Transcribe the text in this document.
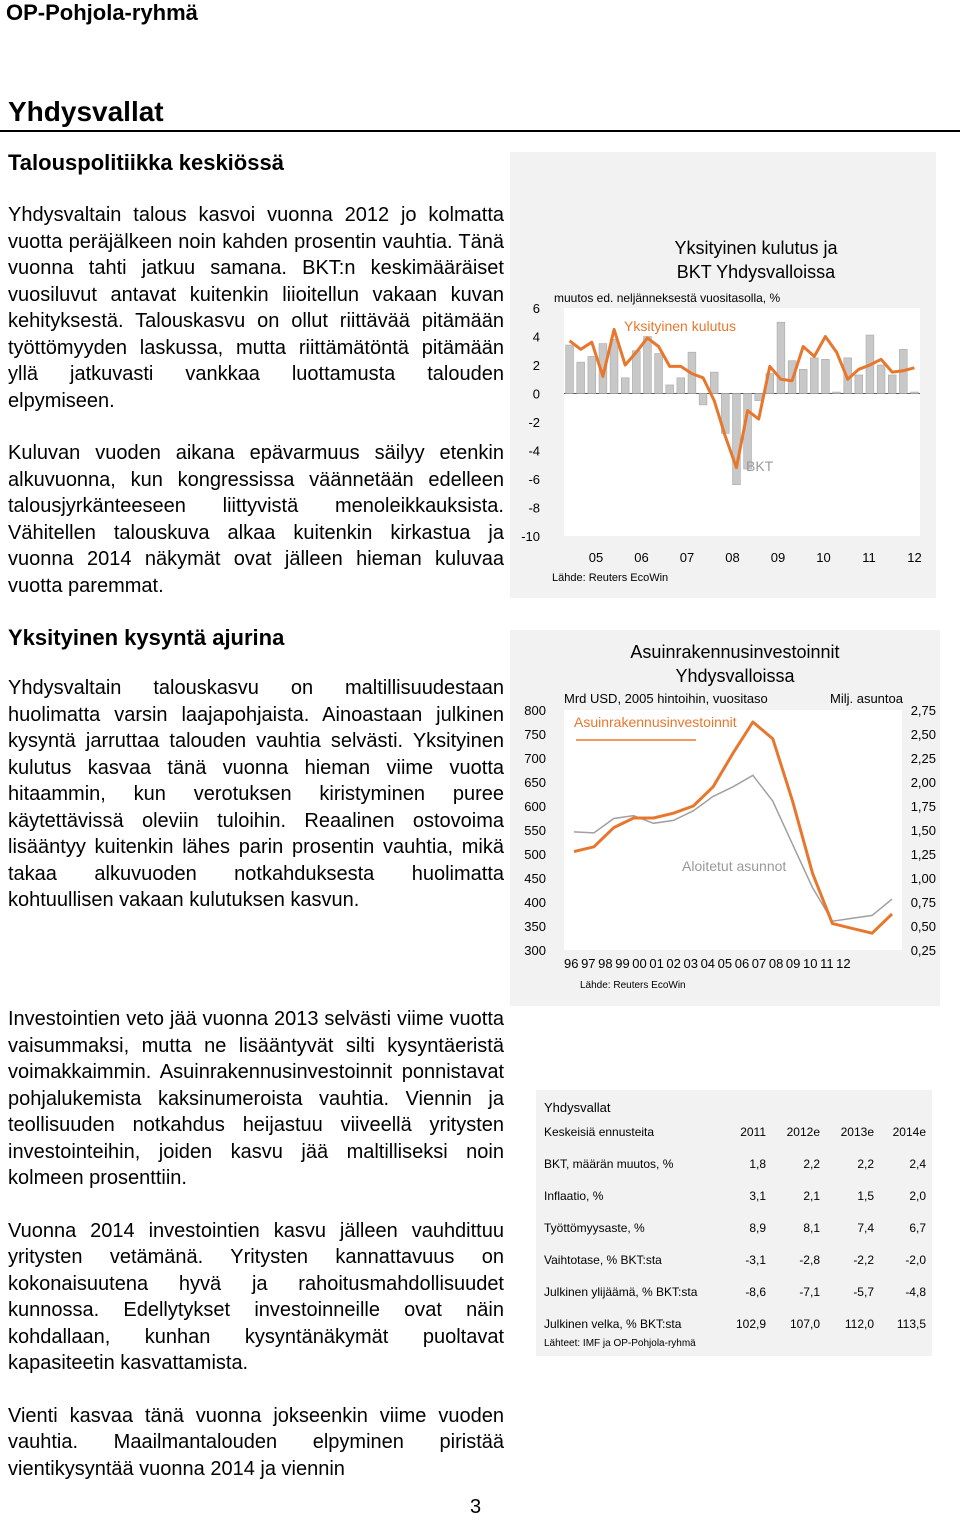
OP-Pohjola-ryhmä
Yhdysvallat
Talouspolitiikka keskiössä

Yhdysvaltain talous kasvoi vuonna 2012 jo kolmatta vuotta peräjälkeen noin kahden prosentin vauhtia. Tänä vuonna tahti jatkuu samana. BKT:n keskimääräiset vuosiluvut antavat kuitenkin liioitellun vakaan kuvan kehityksestä. Talouskasvu on ollut riittävää pitämään työttömyyden laskussa, mutta riittämätöntä pitämään yllä jatkuvasti vankkaa luottamusta talouden elpymiseen.

Kuluvan vuoden aikana epävarmuus säilyy etenkin alkuvuonna, kun kongressissa väännetään edelleen talousjyrkänteeseen liittyvistä menoleikkauksista. Vähitellen talouskuva alkaa kuitenkin kirkastua ja vuonna 2014 näkymät ovat jälleen hieman kuluvaa vuotta paremmat.

Yksityinen kysyntä ajurina

Yhdysvaltain talouskasvu on maltillisuudestaan huolimatta varsin laajapohjaista. Ainoastaan julkinen kysyntä jarruttaa talouden vauhtia selvästi. Yksityinen kulutus kasvaa tänä vuonna hieman viime vuotta hitaammin, kun verotuksen kiristyminen puree käytettävissä oleviin tuloihin. Reaalinen ostovoima lisääntyy kuitenkin lähes parin prosentin vauhtia, mikä takaa alkuvuoden notkahduksesta huolimatta kohtuullisen vakaan kulutuksen kasvun.

Investointien veto jää vuonna 2013 selvästi viime vuotta vaisummaksi, mutta ne lisääntyvät silti kysyntäeristä voimakkaimmin. Asuinrakennusinvestoinnit ponnistavat pohjalukemista kaksinumeroista vauhtia. Viennin ja teollisuuden notkahdus heijastuu viiveellä yritysten investointeihin, joiden kasvu jää maltilliseksi noin kolmeen prosenttiin.

Vuonna 2014 investointien kasvu jälleen vauhdittuu yritysten vetämänä. Yritysten kannattavuus on kokonaisuutena hyvä ja rahoitusmahdollisuudet kunnossa. Edellytykset investoinneille ovat näin kohdallaan, kunhan kysyntänäkymät puoltavat kapasiteetin kasvattamista.

Vienti kasvaa tänä vuonna jokseenkin viime vuoden vauhtia. Maailmantalouden elpyminen piristää vientikysyntää vuonna 2014 ja viennin

Yksityinen kulutus ja
BKT Yhdysvalloissa
muutos ed. neljänneksestä vuositasolla, %
6
4
2
0
-2
-4
-6
-8
-10
05 06 07 08 09 10 11 12
Yksityinen kulutus
BKT
Lähde: Reuters EcoWin
Asuinrakennusinvestoinnit
Yhdysvalloissa
Mrd USD, 2005 hintoihin, vuositaso	Milj. asuntoa
800
750
700
650
600
550
500
450
400
350
300
2,75
2,50
2,25
2,00
1,75
1,50
1,25
1,00
0,75
0,50
0,25
Asuinrakennusinvestoinnit
Aloitetut asunnot
96 97 98 99 00 01 02 03 04 05 06 07 08 09 10 11 12
Lähde: Reuters EcoWin
Yhdysvallat
Keskeisiä ennusteita	2011	2012e	2013e	2014e
BKT, määrän muutos, %	1,8	2,2	2,2	2,4
Inflaatio, %	3,1	2,1	1,5	2,0
Työttömyysaste, %	8,9	8,1	7,4	6,7
Vaihtotase, % BKT:sta	-3,1	-2,8	-2,2	-2,0
Julkinen ylijäämä, % BKT:sta	-8,6	-7,1	-5,7	-4,8
Julkinen velka, % BKT:sta	102,9	107,0	112,0	113,5
Lähteet: IMF ja OP-Pohjola-ryhmä
3
